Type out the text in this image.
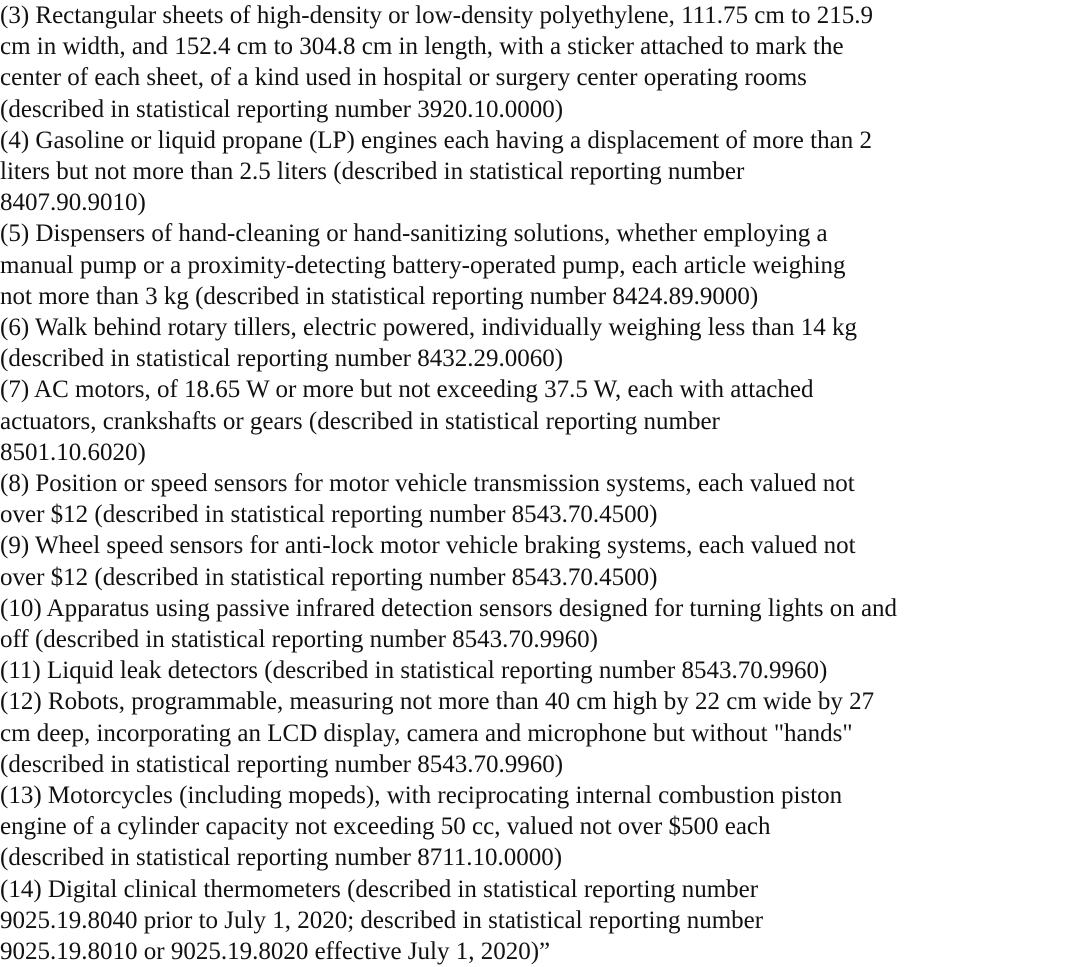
(3) Rectangular sheets of high-density or low-density polyethylene, 111.75 cm to 215.9
cm in width, and 152.4 cm to 304.8 cm in length, with a sticker attached to mark the
center of each sheet, of a kind used in hospital or surgery center operating rooms
(described in statistical reporting number 3920.10.0000)
(4) Gasoline or liquid propane (LP) engines each having a displacement of more than 2
liters but not more than 2.5 liters (described in statistical reporting number
8407.90.9010)
(5) Dispensers of hand-cleaning or hand-sanitizing solutions, whether employing a
manual pump or a proximity-detecting battery-operated pump, each article weighing
not more than 3 kg (described in statistical reporting number 8424.89.9000)
(6) Walk behind rotary tillers, electric powered, individually weighing less than 14 kg
(described in statistical reporting number 8432.29.0060)
(7) AC motors, of 18.65 W or more but not exceeding 37.5 W, each with attached
actuators, crankshafts or gears (described in statistical reporting number
8501.10.6020)
(8) Position or speed sensors for motor vehicle transmission systems, each valued not
over $12 (described in statistical reporting number 8543.70.4500)
(9) Wheel speed sensors for anti-lock motor vehicle braking systems, each valued not
over $12 (described in statistical reporting number 8543.70.4500)
(10) Apparatus using passive infrared detection sensors designed for turning lights on and
off (described in statistical reporting number 8543.70.9960)
(11) Liquid leak detectors (described in statistical reporting number 8543.70.9960)
(12) Robots, programmable, measuring not more than 40 cm high by 22 cm wide by 27
cm deep, incorporating an LCD display, camera and microphone but without "hands"
(described in statistical reporting number 8543.70.9960)
(13) Motorcycles (including mopeds), with reciprocating internal combustion piston
engine of a cylinder capacity not exceeding 50 cc, valued not over $500 each
(described in statistical reporting number 8711.10.0000)
(14) Digital clinical thermometers (described in statistical reporting number
9025.19.8040 prior to July 1, 2020; described in statistical reporting number
9025.19.8010 or 9025.19.8020 effective July 1, 2020)”
